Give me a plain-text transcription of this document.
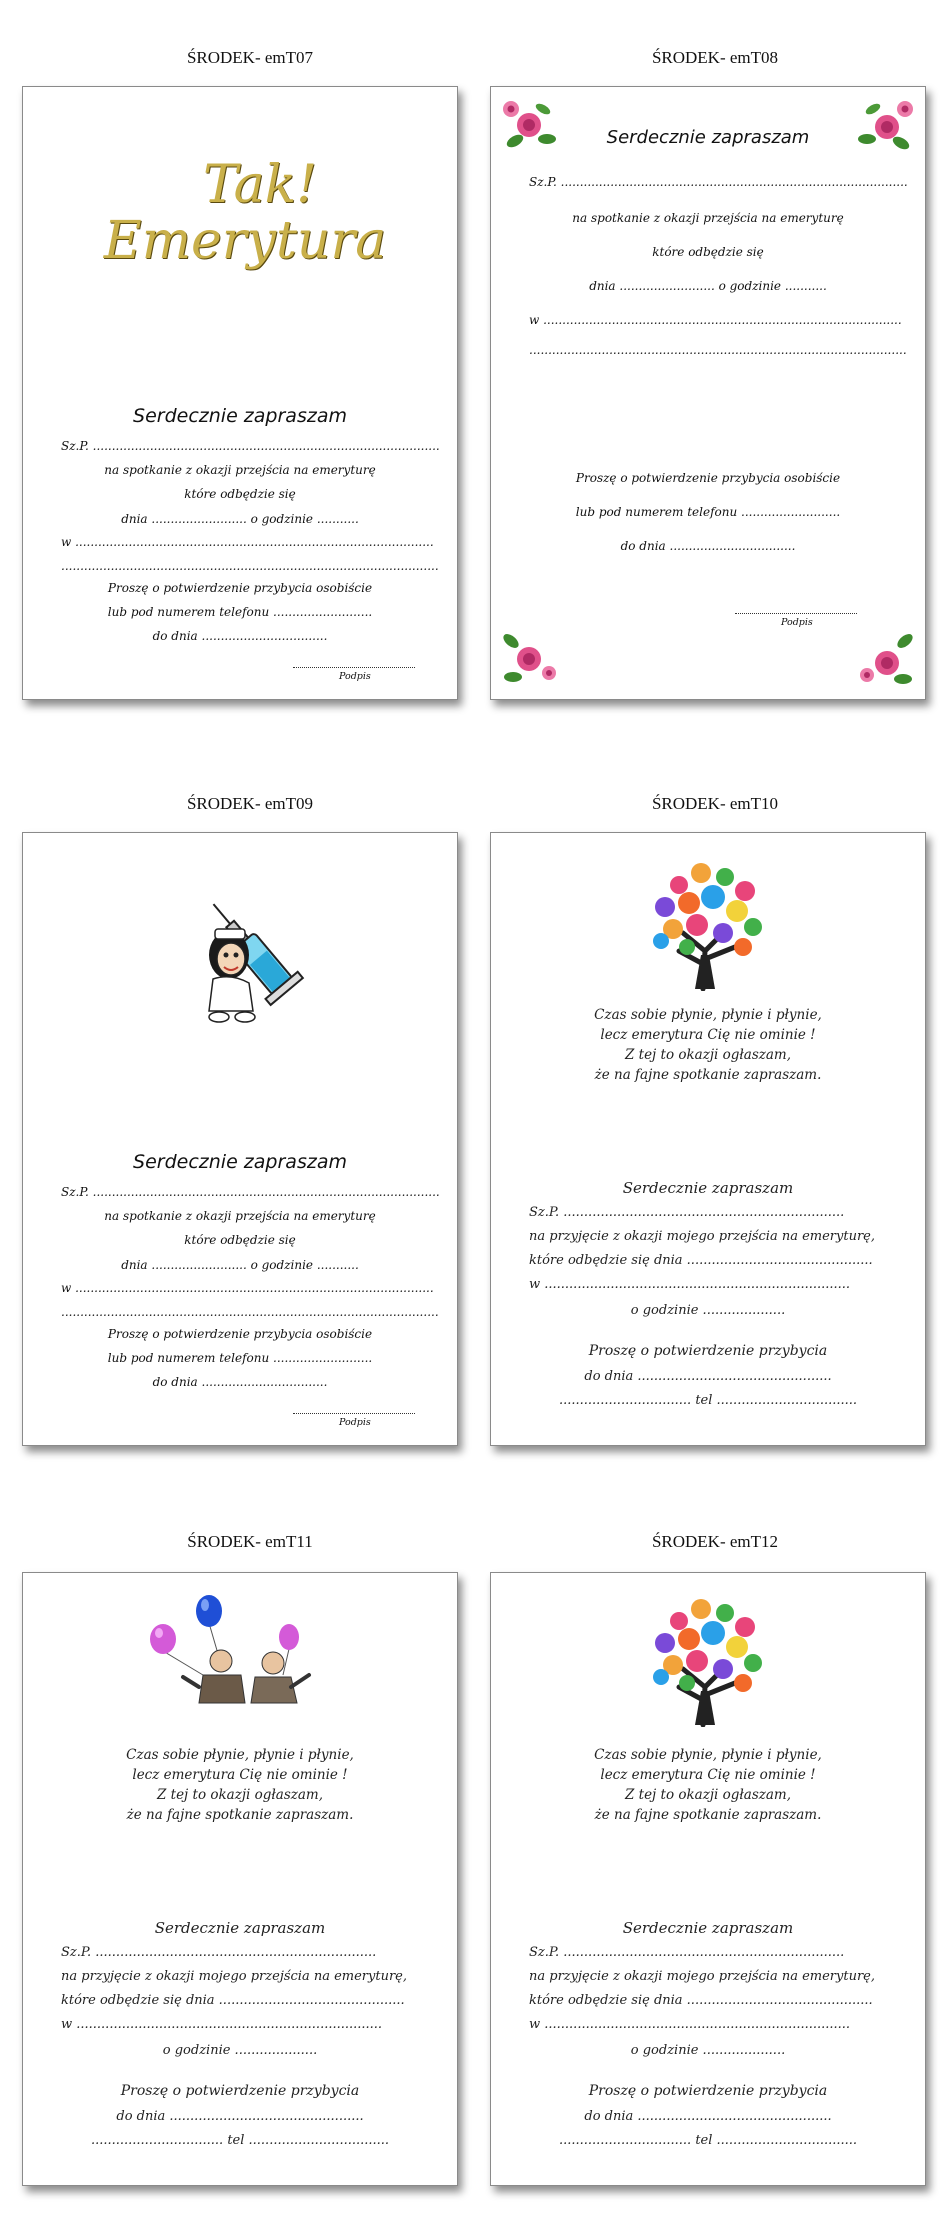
ŚRODEK- emT07	ŚRODEK- emT08
ŚRODEK- emT09	ŚRODEK- emT10
ŚRODEK- emT11	ŚRODEK- emT12
Tak!
Emerytura
Serdecznie zapraszam
Sz.P. ...........................................................................................
na spotkanie z okazji przejścia na emeryturę
które odbędzie się
dnia ......................... o godzinie ...........
w ..............................................................................................
...................................................................................................
Proszę o potwierdzenie przybycia osobiście
lub pod numerem telefonu ..........................
do dnia .................................
Podpis
Serdecznie zapraszam
Sz.P. ...........................................................................................
na spotkanie z okazji przejścia na emeryturę
które odbędzie się
dnia ......................... o godzinie ...........
w ..............................................................................................
...................................................................................................
Proszę o potwierdzenie przybycia osobiście
lub pod numerem telefonu ..........................
do dnia .................................
Podpis
Serdecznie zapraszam
Sz.P. ...........................................................................................
na spotkanie z okazji przejścia na emeryturę
które odbędzie się
dnia ......................... o godzinie ...........
w ..............................................................................................
...................................................................................................
Proszę o potwierdzenie przybycia osobiście
lub pod numerem telefonu ..........................
do dnia .................................
Podpis
Czas sobie płynie, płynie i płynie,
lecz emerytura Cię nie ominie !
Z tej to okazji ogłaszam,
że na fajne spotkanie zapraszam.
Serdecznie zapraszam
Sz.P. ....................................................................
na przyjęcie z okazji mojego przejścia na emeryturę,
które odbędzie się dnia .............................................
w ..........................................................................
o godzinie ....................
Proszę o potwierdzenie przybycia
do dnia ...............................................
................................ tel ..................................
Czas sobie płynie, płynie i płynie,
lecz emerytura Cię nie ominie !
Z tej to okazji ogłaszam,
że na fajne spotkanie zapraszam.
Serdecznie zapraszam
Sz.P. ....................................................................
na przyjęcie z okazji mojego przejścia na emeryturę,
które odbędzie się dnia .............................................
w ..........................................................................
o godzinie ....................
Proszę o potwierdzenie przybycia
do dnia ...............................................
................................ tel ..................................
Czas sobie płynie, płynie i płynie,
lecz emerytura Cię nie ominie !
Z tej to okazji ogłaszam,
że na fajne spotkanie zapraszam.
Serdecznie zapraszam
Sz.P. ....................................................................
na przyjęcie z okazji mojego przejścia na emeryturę,
które odbędzie się dnia .............................................
w ..........................................................................
o godzinie ....................
Proszę o potwierdzenie przybycia
do dnia ...............................................
................................ tel ..................................
